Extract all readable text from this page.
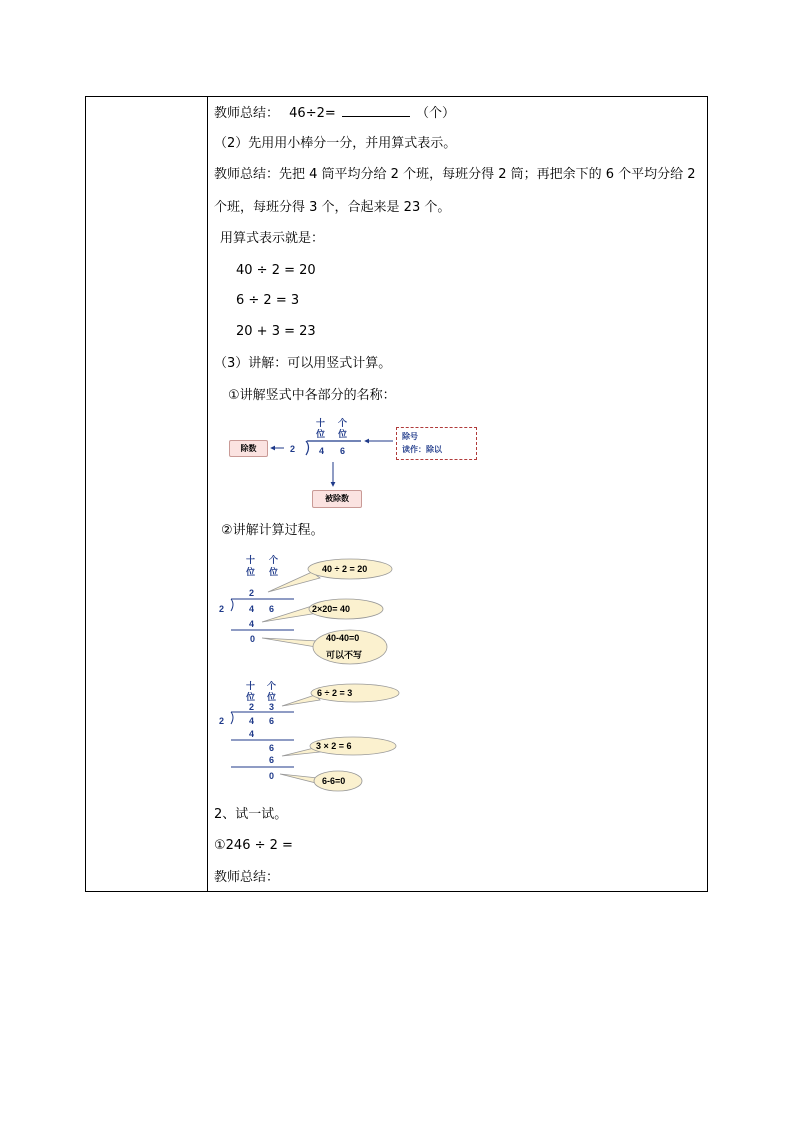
教师总结： 46÷2=	（个）
（2）先用用小棒分一分，并用算式表示。
教师总结：先把 4 筒平均分给 2 个班，每班分得 2 筒；再把余下的 6 个平均分给 2
个班，每班分得 3 个，合起来是 23 个。
用算式表示就是：
40 ÷ 2 = 20
6 ÷ 2 = 3
20 + 3 = 23
（3）讲解：可以用竖式计算。
①讲解竖式中各部分的名称：
十
位
个
位
除数	2	4 6
除号
读作：除以
被除数
②讲解计算过程。
十
位
个
位
2
2	4 6
4
0
40 ÷ 2 = 20
2×20= 40
40-40=0
可以不写
十
位
个
位
2 3
2	4 6
4
6
6
0
6 ÷ 2 = 3
3 × 2 = 6
6-6=0
2、试一试。
①246 ÷ 2 =
教师总结：
